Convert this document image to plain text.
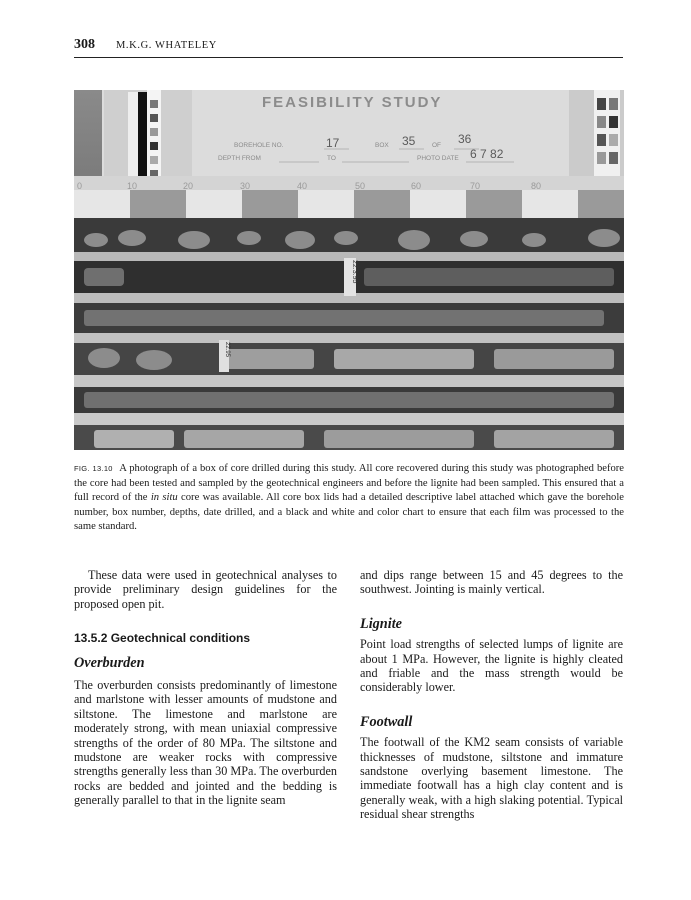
308 M.K.G. WHATELEY
FEASIBILITY STUDY
BOREHOLE NO.
DEPTH FROM	TO
BOX	OF
PHOTO DATE
17	35	36
6 7 82
0	10	20	30	40	50	60	70	80
22.3.95
22.95
FIG. 13.10 A photograph of a box of core drilled during this study. All core recovered during this study was photographed before the core had been tested and sampled by the geotechnical engineers and before the lignite had been sampled. This ensured that a full record of the in situ core was available. All core box lids had a detailed descriptive label attached which gave the borehole number, box number, depths, date drilled, and a black and white and color chart to ensure that each film was processed to the same standard.

These data were used in geotechnical analyses to provide preliminary design guidelines for the proposed open pit.

13.5.2 Geotechnical conditions
Overburden

The overburden consists predominantly of limestone and marlstone with lesser amounts of mudstone and siltstone. The limestone and marlstone are moderately strong, with mean uniaxial compressive strengths of the order of 80 MPa. The siltstone and mudstone are weaker rocks with compressive strengths generally less than 30 MPa. The overburden rocks are bedded and jointed and the bedding is generally parallel to that in the lignite seam

and dips range between 15 and 45 degrees to the southwest. Jointing is mainly vertical.

Lignite

Point load strengths of selected lumps of lignite are about 1 MPa. However, the lignite is highly cleated and friable and the mass strength would be considerably lower.

Footwall

The footwall of the KM2 seam consists of variable thicknesses of mudstone, siltstone and immature sandstone overlying basement limestone. The immediate footwall has a high clay content and is generally weak, with a high slaking potential. Typical residual shear strengths
